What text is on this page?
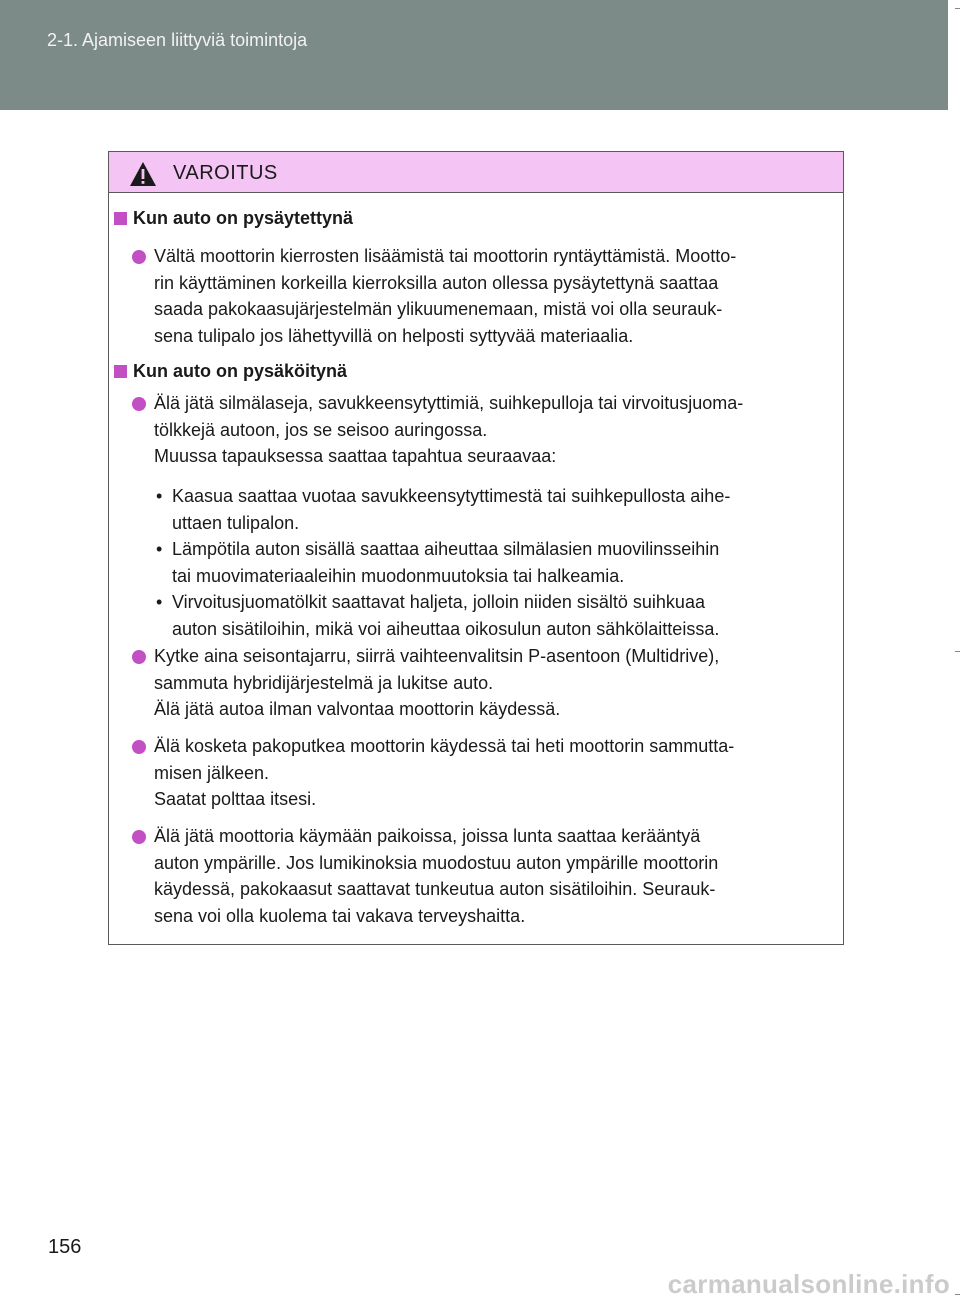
2-1. Ajamiseen liittyviä toimintoja
VAROITUS
Kun auto on pysäytettynä
Vältä moottorin kierrosten lisäämistä tai moottorin ryntäyttämistä. Mootto-
rin käyttäminen korkeilla kierroksilla auton ollessa pysäytettynä saattaa
saada pakokaasujärjestelmän ylikuumenemaan, mistä voi olla seurauk-
sena tulipalo jos lähettyvillä on helposti syttyvää materiaalia.
Kun auto on pysäköitynä
Älä jätä silmälaseja, savukkeensytyttimiä, suihkepulloja tai virvoitusjuoma-
tölkkejä autoon, jos se seisoo auringossa.
Muussa tapauksessa saattaa tapahtua seuraavaa:
• Kaasua saattaa vuotaa savukkeensytyttimestä tai suihkepullosta aihe-
uttaen tulipalon.
• Lämpötila auton sisällä saattaa aiheuttaa silmälasien muovilinsseihin
tai muovimateriaaleihin muodonmuutoksia tai halkeamia.
• Virvoitusjuomatölkit saattavat haljeta, jolloin niiden sisältö suihkuaa
auton sisätiloihin, mikä voi aiheuttaa oikosulun auton sähkölaitteissa.
Kytke aina seisontajarru, siirrä vaihteenvalitsin P-asentoon (Multidrive),
sammuta hybridijärjestelmä ja lukitse auto.
Älä jätä autoa ilman valvontaa moottorin käydessä.
Älä kosketa pakoputkea moottorin käydessä tai heti moottorin sammutta-
misen jälkeen.
Saatat polttaa itsesi.
Älä jätä moottoria käymään paikoissa, joissa lunta saattaa kerääntyä
auton ympärille. Jos lumikinoksia muodostuu auton ympärille moottorin
käydessä, pakokaasut saattavat tunkeutua auton sisätiloihin. Seurauk-
sena voi olla kuolema tai vakava terveyshaitta.
156
carmanualsonline.info
